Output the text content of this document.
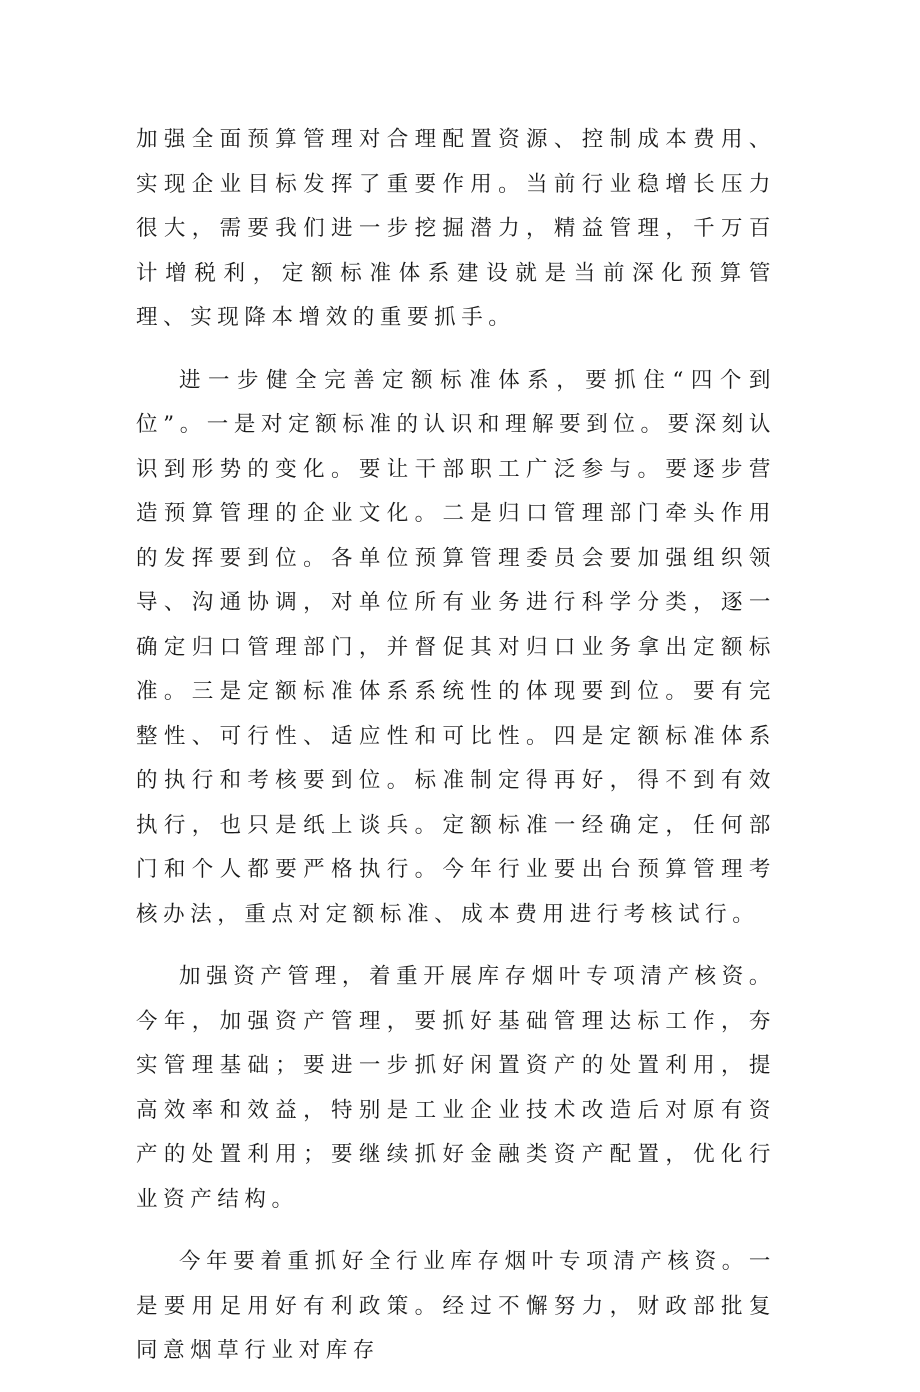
加强全面预算管理对合理配置资源、控制成本费用、实现企业目标发挥了重要作用。当前行业稳增长压力很大，需要我们进一步挖掘潜力，精益管理，千万百计增税利，定额标准体系建设就是当前深化预算管理、实现降本增效的重要抓手。

进一步健全完善定额标准体系，要抓住“四个到位”。一是对定额标准的认识和理解要到位。要深刻认识到形势的变化。要让干部职工广泛参与。要逐步营造预算管理的企业文化。二是归口管理部门牵头作用的发挥要到位。各单位预算管理委员会要加强组织领导、沟通协调，对单位所有业务进行科学分类，逐一确定归口管理部门，并督促其对归口业务拿出定额标准。三是定额标准体系系统性的体现要到位。要有完整性、可行性、适应性和可比性。四是定额标准体系的执行和考核要到位。标准制定得再好，得不到有效执行，也只是纸上谈兵。定额标准一经确定，任何部门和个人都要严格执行。今年行业要出台预算管理考核办法，重点对定额标准、成本费用进行考核试行。

加强资产管理，着重开展库存烟叶专项清产核资。今年，加强资产管理，要抓好基础管理达标工作，夯实管理基础；要进一步抓好闲置资产的处置利用，提高效率和效益，特别是工业企业技术改造后对原有资产的处置利用；要继续抓好金融类资产配置，优化行业资产结构。

今年要着重抓好全行业库存烟叶专项清产核资。一是要用足用好有利政策。经过不懈努力，财政部批复同意烟草行业对库存
